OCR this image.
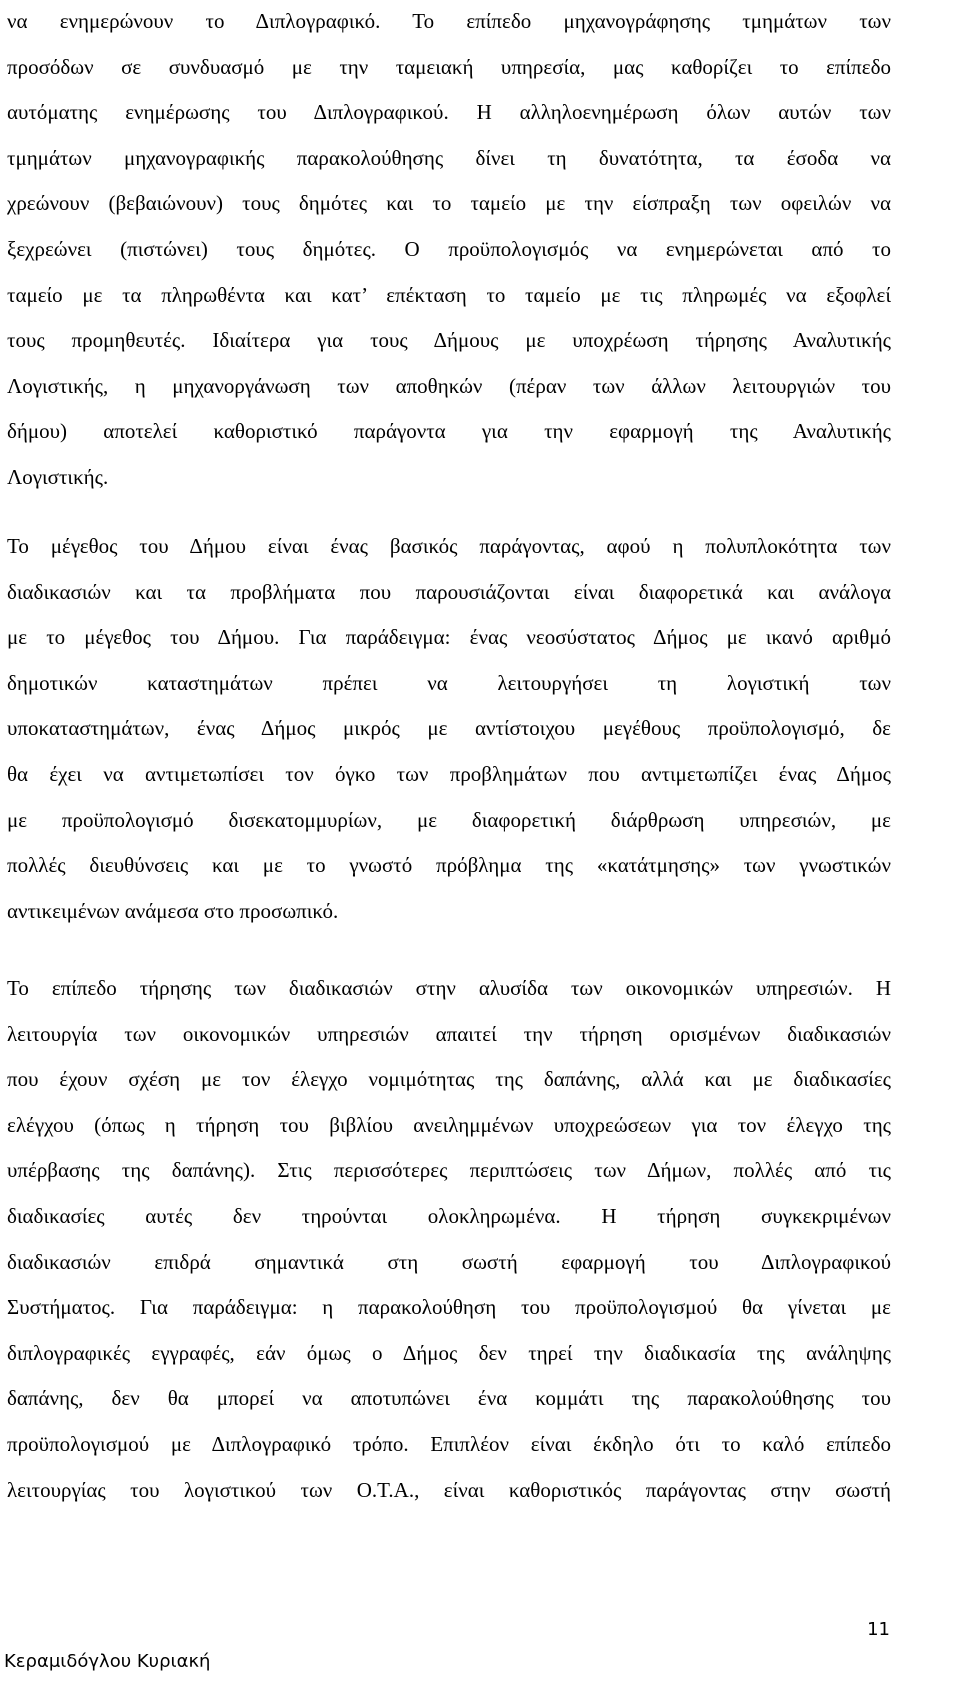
να ενημερώνουν το Διπλογραφικό. Το επίπεδο μηχανογράφησης τμημάτων των
προσόδων σε συνδυασμό με την ταμειακή υπηρεσία, μας καθορίζει το επίπεδο
αυτόματης ενημέρωσης του Διπλογραφικού. Η αλληλοενημέρωση όλων αυτών των
τμημάτων μηχανογραφικής παρακολούθησης δίνει τη δυνατότητα, τα έσοδα να
χρεώνουν (βεβαιώνουν) τους δημότες και το ταμείο με την είσπραξη των οφειλών να
ξεχρεώνει (πιστώνει) τους δημότες. Ο προϋπολογισμός να ενημερώνεται από το
ταμείο με τα πληρωθέντα και κατ’ επέκταση το ταμείο με τις πληρωμές να εξοφλεί
τους προμηθευτές. Ιδιαίτερα για τους Δήμους με υποχρέωση τήρησης Αναλυτικής
Λογιστικής, η μηχανοργάνωση των αποθηκών (πέραν των άλλων λειτουργιών του
δήμου) αποτελεί καθοριστικό παράγοντα για την εφαρμογή της Αναλυτικής
Λογιστικής.
Το μέγεθος του Δήμου είναι ένας βασικός παράγοντας, αφού η πολυπλοκότητα των
διαδικασιών και τα προβλήματα που παρουσιάζονται είναι διαφορετικά και ανάλογα
με το μέγεθος του Δήμου. Για παράδειγμα: ένας νεοσύστατος Δήμος με ικανό αριθμό
δημοτικών καταστημάτων πρέπει να λειτουργήσει τη λογιστική των
υποκαταστημάτων, ένας Δήμος μικρός με αντίστοιχου μεγέθους προϋπολογισμό, δε
θα έχει να αντιμετωπίσει τον όγκο των προβλημάτων που αντιμετωπίζει ένας Δήμος
με προϋπολογισμό δισεκατομμυρίων, με διαφορετική διάρθρωση υπηρεσιών, με
πολλές διευθύνσεις και με το γνωστό πρόβλημα της «κατάτμησης» των γνωστικών
αντικειμένων ανάμεσα στο προσωπικό.
Το επίπεδο τήρησης των διαδικασιών στην αλυσίδα των οικονομικών υπηρεσιών. Η
λειτουργία των οικονομικών υπηρεσιών απαιτεί την τήρηση ορισμένων διαδικασιών
που έχουν σχέση με τον έλεγχο νομιμότητας της δαπάνης, αλλά και με διαδικασίες
ελέγχου (όπως η τήρηση του βιβλίου ανειλημμένων υποχρεώσεων για τον έλεγχο της
υπέρβασης της δαπάνης). Στις περισσότερες περιπτώσεις των Δήμων, πολλές από τις
διαδικασίες αυτές δεν τηρούνται ολοκληρωμένα. Η τήρηση συγκεκριμένων
διαδικασιών επιδρά σημαντικά στη σωστή εφαρμογή του Διπλογραφικού
Συστήματος. Για παράδειγμα: η παρακολούθηση του προϋπολογισμού θα γίνεται με
διπλογραφικές εγγραφές, εάν όμως ο Δήμος δεν τηρεί την διαδικασία της ανάληψης
δαπάνης, δεν θα μπορεί να αποτυπώνει ένα κομμάτι της παρακολούθησης του
προϋπολογισμού με Διπλογραφικό τρόπο. Επιπλέον είναι έκδηλο ότι το καλό επίπεδο
λειτουργίας του λογιστικού των Ο.Τ.Α., είναι καθοριστικός παράγοντας στην σωστή
11
Κεραμιδόγλου Κυριακή
